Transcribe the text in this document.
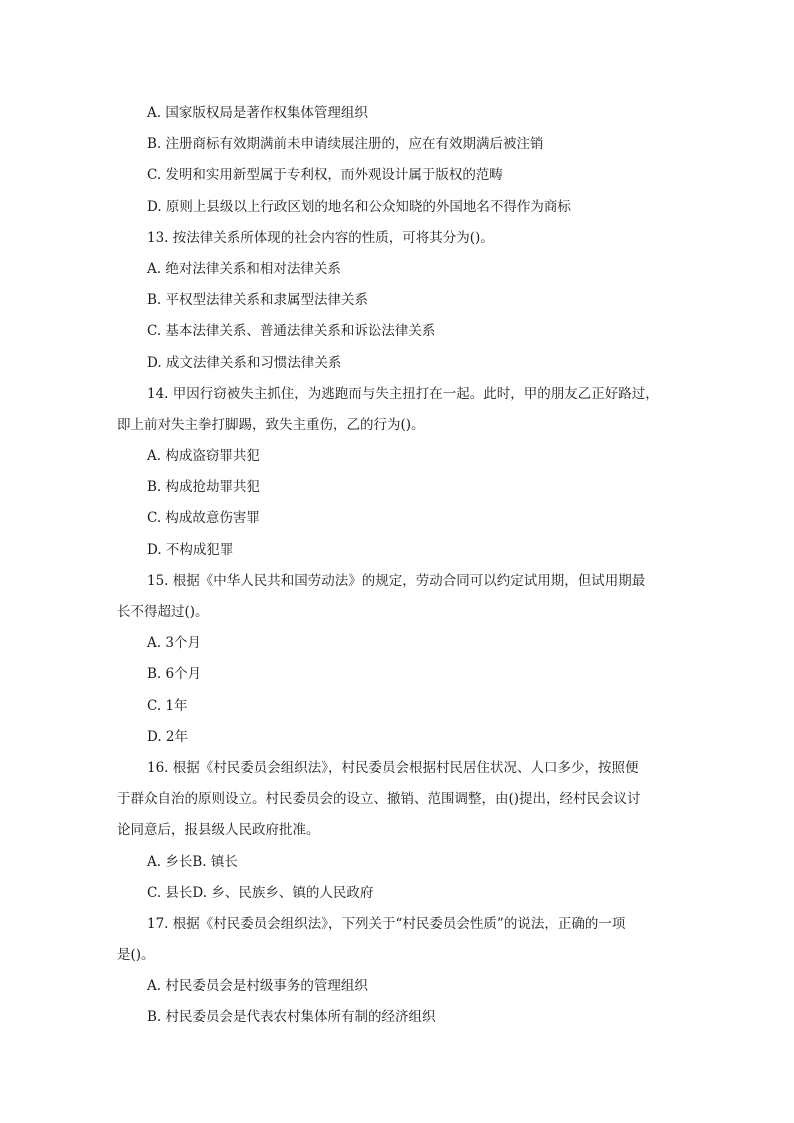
A. 国家版权局是著作权集体管理组织
B. 注册商标有效期满前未申请续展注册的，应在有效期满后被注销
C. 发明和实用新型属于专利权，而外观设计属于版权的范畴
D. 原则上县级以上行政区划的地名和公众知晓的外国地名不得作为商标
13. 按法律关系所体现的社会内容的性质，可将其分为()。
A. 绝对法律关系和相对法律关系
B. 平权型法律关系和隶属型法律关系
C. 基本法律关系、普通法律关系和诉讼法律关系
D. 成文法律关系和习惯法律关系
14. 甲因行窃被失主抓住，为逃跑而与失主扭打在一起。此时，甲的朋友乙正好路过，
即上前对失主拳打脚踢，致失主重伤，乙的行为()。
A. 构成盗窃罪共犯
B. 构成抢劫罪共犯
C. 构成故意伤害罪
D. 不构成犯罪
15. 根据《中华人民共和国劳动法》的规定，劳动合同可以约定试用期，但试用期最
长不得超过()。
A. 3个月
B. 6个月
C. 1年
D. 2年
16. 根据《村民委员会组织法》，村民委员会根据村民居住状况、人口多少，按照便
于群众自治的原则设立。村民委员会的设立、撤销、范围调整，由()提出，经村民会议讨
论同意后，报县级人民政府批准。
A. 乡长B. 镇长
C. 县长D. 乡、民族乡、镇的人民政府
17. 根据《村民委员会组织法》，下列关于“村民委员会性质”的说法，正确的一项
是()。
A. 村民委员会是村级事务的管理组织
B. 村民委员会是代表农村集体所有制的经济组织
